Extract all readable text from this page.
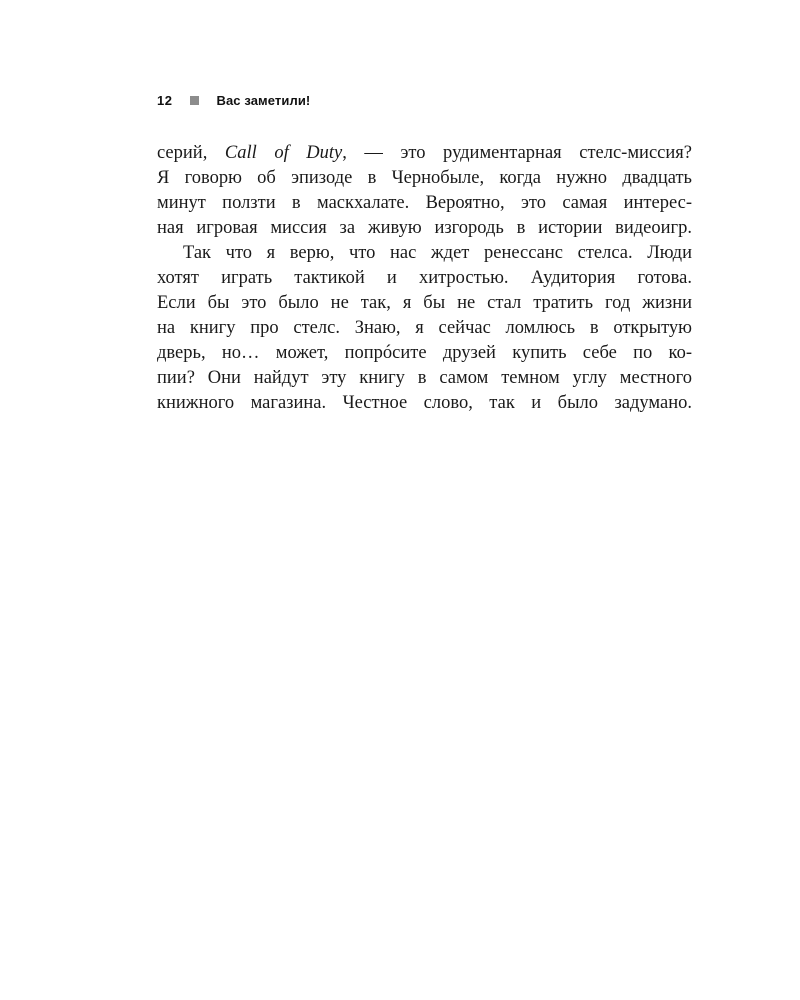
12	Вас заметили!
серий, Call of Duty, — это рудиментарная стелс-миссия?
Я говорю об эпизоде в Чернобыле, когда нужно двадцать
минут ползти в маскхалате. Вероятно, это самая интерес-
ная игровая миссия за живую изгородь в истории видеоигр.
Так что я верю, что нас ждет ренессанс стелса. Люди
хотят играть тактикой и хитростью. Аудитория готова.
Если бы это было не так, я бы не стал тратить год жизни
на книгу про стелс. Знаю, я сейчас ломлюсь в открытую
дверь, но… может, попрóсите друзей купить себе по ко-
пии? Они найдут эту книгу в самом темном углу местного
книжного магазина. Честное слово, так и было задумано.
